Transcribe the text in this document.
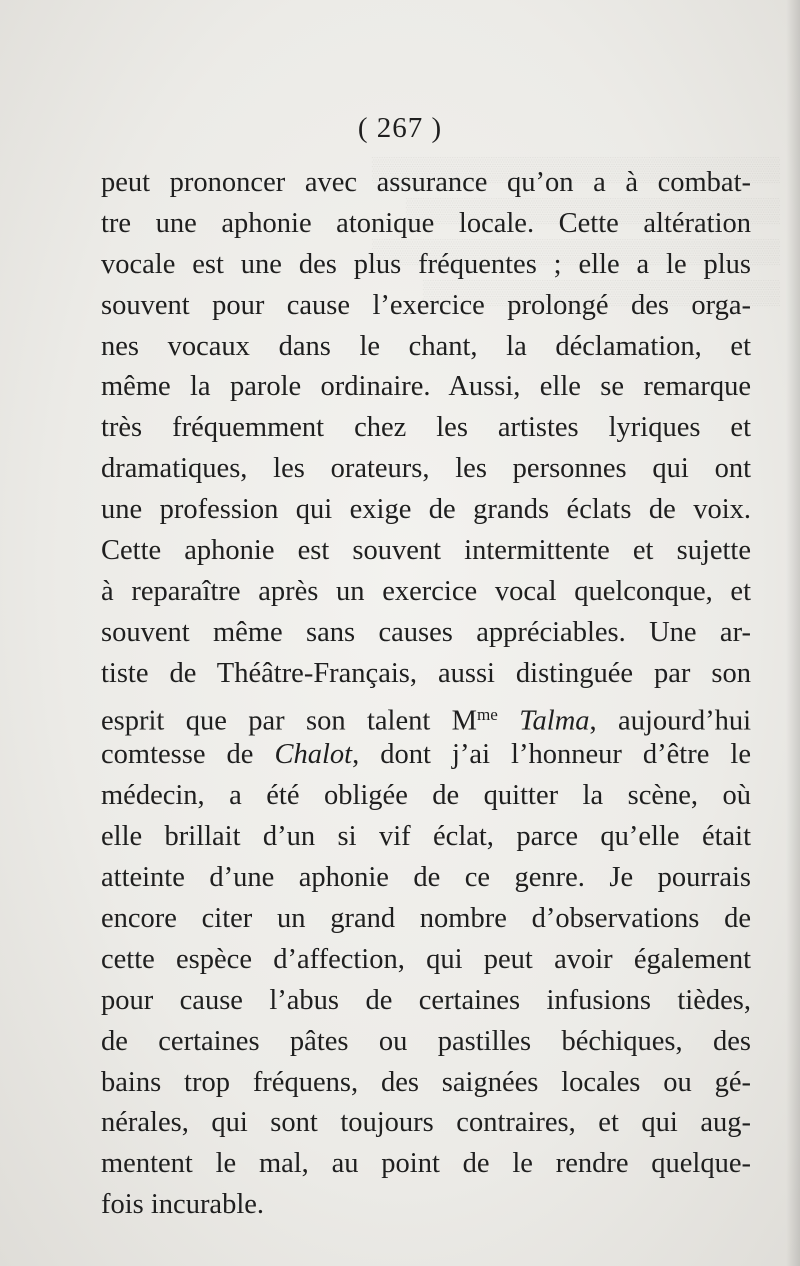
( 267 )
peut prononcer avec assurance qu’on a à combat-
tre une aphonie atonique locale. Cette altération
vocale est une des plus fréquentes ; elle a le plus
souvent pour cause l’exercice prolongé des orga-
nes vocaux dans le chant, la déclamation, et
même la parole ordinaire. Aussi, elle se remarque
très fréquemment chez les artistes lyriques et
dramatiques, les orateurs, les personnes qui ont
une profession qui exige de grands éclats de voix.
Cette aphonie est souvent intermittente et sujette
à reparaître après un exercice vocal quelconque, et
souvent même sans causes appréciables. Une ar-
tiste de Théâtre-Français, aussi distinguée par son
esprit que par son talent $M^{me}$ Talma, aujourd’hui
comtesse de Chalot, dont j’ai l’honneur d’être le
médecin, a été obligée de quitter la scène, où
elle brillait d’un si vif éclat, parce qu’elle était
atteinte d’une aphonie de ce genre. Je pourrais
encore citer un grand nombre d’observations de
cette espèce d’affection, qui peut avoir également
pour cause l’abus de certaines infusions tièdes,
de certaines pâtes ou pastilles béchiques, des
bains trop fréquens, des saignées locales ou gé-
nérales, qui sont toujours contraires, et qui aug-
mentent le mal, au point de le rendre quelque-
fois incurable.
